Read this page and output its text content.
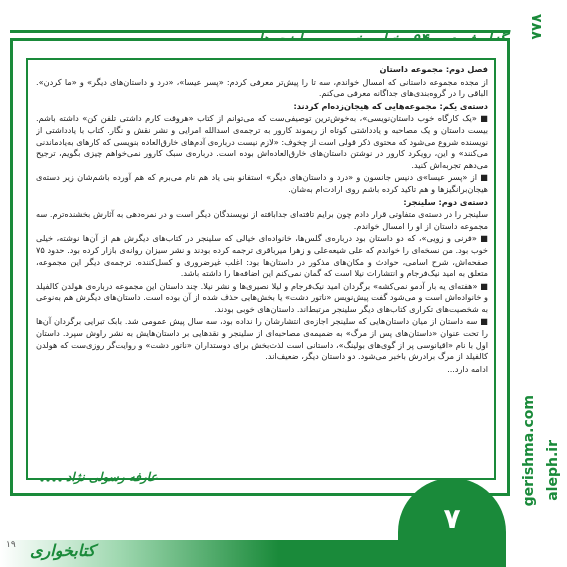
۷۷۸
gerishma.com aleph.ir

فصل دوم: مجموعه داستان

از مجده مجموعه داستانی که امسال خواندم، سه تا را پیش‌تر معرفی کردم: «پسر عیسا»، «درد و داستان‌های دیگر» و «ما کردن». الباقی را در گروه‌بندی‌های جداگانه معرفی می‌کنم.

دسته‌ی یکم: مجموعه‌هایی که هیجان‌زده‌ام کردند:

■ «یک کارگاه خوب داستان‌نویسی»، به‌خوش‌ترین توصیفی‌ست که می‌توانم از کتاب «هروقت کارم داشتی تلفن کن» داشته باشم. بیست داستان و یک مصاحبه و یادداشتی کوتاه از ریموند کارور به ترجمه‌ی اسدالله امرایی و نشر نقش و نگار. کتاب با یادداشتی از نویسنده شروع می‌شود که محتوی ذکر قولی است از چخوف: «لازم نیست درباره‌ی آدم‌های خارق‌العاده بنویسی که کارهای به‌یادماندنی می‌کنند» و این، رویکرد کارور در نوشتن داستان‌های خارق‌العاده‌اش بوده است. درباره‌ی سبک کارور نمی‌خواهم چیزی بگویم، ترجیح می‌دهم تجربه‌اش کنید.

■ از «پسر عیسا»ی دنیس جانسون و «درد و داستان‌های دیگر» استفانو بنی یاد هم نام می‌برم که هم آورده باشم‌شان زیر دسته‌ی هیجان‌برانگیزها و هم تاکید کرده باشم روی ارادت‌ام به‌شان.

دسته‌ی دوم: سلینجر:

سلینجر را در دسته‌ی متفاوتی قرار دادم چون برایم تافته‌ای جدابافته از نویسندگان دیگر است و در نمره‌دهی به آثارش بخشنده‌ترم. سه مجموعه داستان از او را امسال خواندم.

■ «فرنی و زویی»، که دو داستان بود درباره‌ی گلس‌ها، خانواده‌ای خیالی که سلینجر در کتاب‌های دیگرش هم از آن‌ها نوشته، خیلی خوب بود. من نسخه‌ای را خواندم که علی شیعه‌علی و زهرا میرباقری ترجمه کرده بودند و نشر سیزان روانه‌ی بازار کرده بود. حدود ۷۵ صفحه‌اش، شرح اسامی، حوادث و مکان‌های مذکور در داستان‌ها بود: اغلب غیرضروری و کسل‌کننده. ترجمه‌ی دیگر این مجموعه، متعلق به امید نیک‌فرجام و انتشارات نیلا است که گمان نمی‌کنم این اضافه‌ها را داشته باشد.

■ «هفته‌ای یه بار آدمو نمی‌کشه» برگردان امید نیک‌فرجام و لیلا نصیری‌ها و نشر نیلا. چند داستان این مجموعه درباره‌ی هولدن کالفیلد و خانواده‌اش است و می‌شود گفت پیش‌نویس «ناتور دشت» یا بخش‌هایی حذف شده از آن بوده است. داستان‌های دیگرش هم به‌نوعی به شخصیت‌های تکراری کتاب‌های دیگر سلینجر مرتبط‌اند. داستان‌های خوبی بودند.

■ سه داستان از میان داستان‌هایی که سلینجر اجازه‌ی انتشارشان را نداده بود، سه سال پیش عمومی شد. بابک تبرایی برگردان آن‌ها را تحت عنوان «داستان‌های پس از مرگ» به ضمیمه‌ی مصاحبه‌ای از سلینجر و نقدهایی بر داستان‌هایش به نشر راوش سپرد. داستان اول با نام «اقیانوسی پر از گوی‌های بولینگ»، داستانی است لذت‌بخش برای دوستداران «ناتور دشت» و روایت‌گر روزی‌ست که هولدن کالفیلد از مرگ برادرش باخبر می‌شود. دو داستان دیگر، ضعیف‌اند.

ادامه دارد...

عارفه رسولی نژاد
۱۹ کتابخواری
۷
